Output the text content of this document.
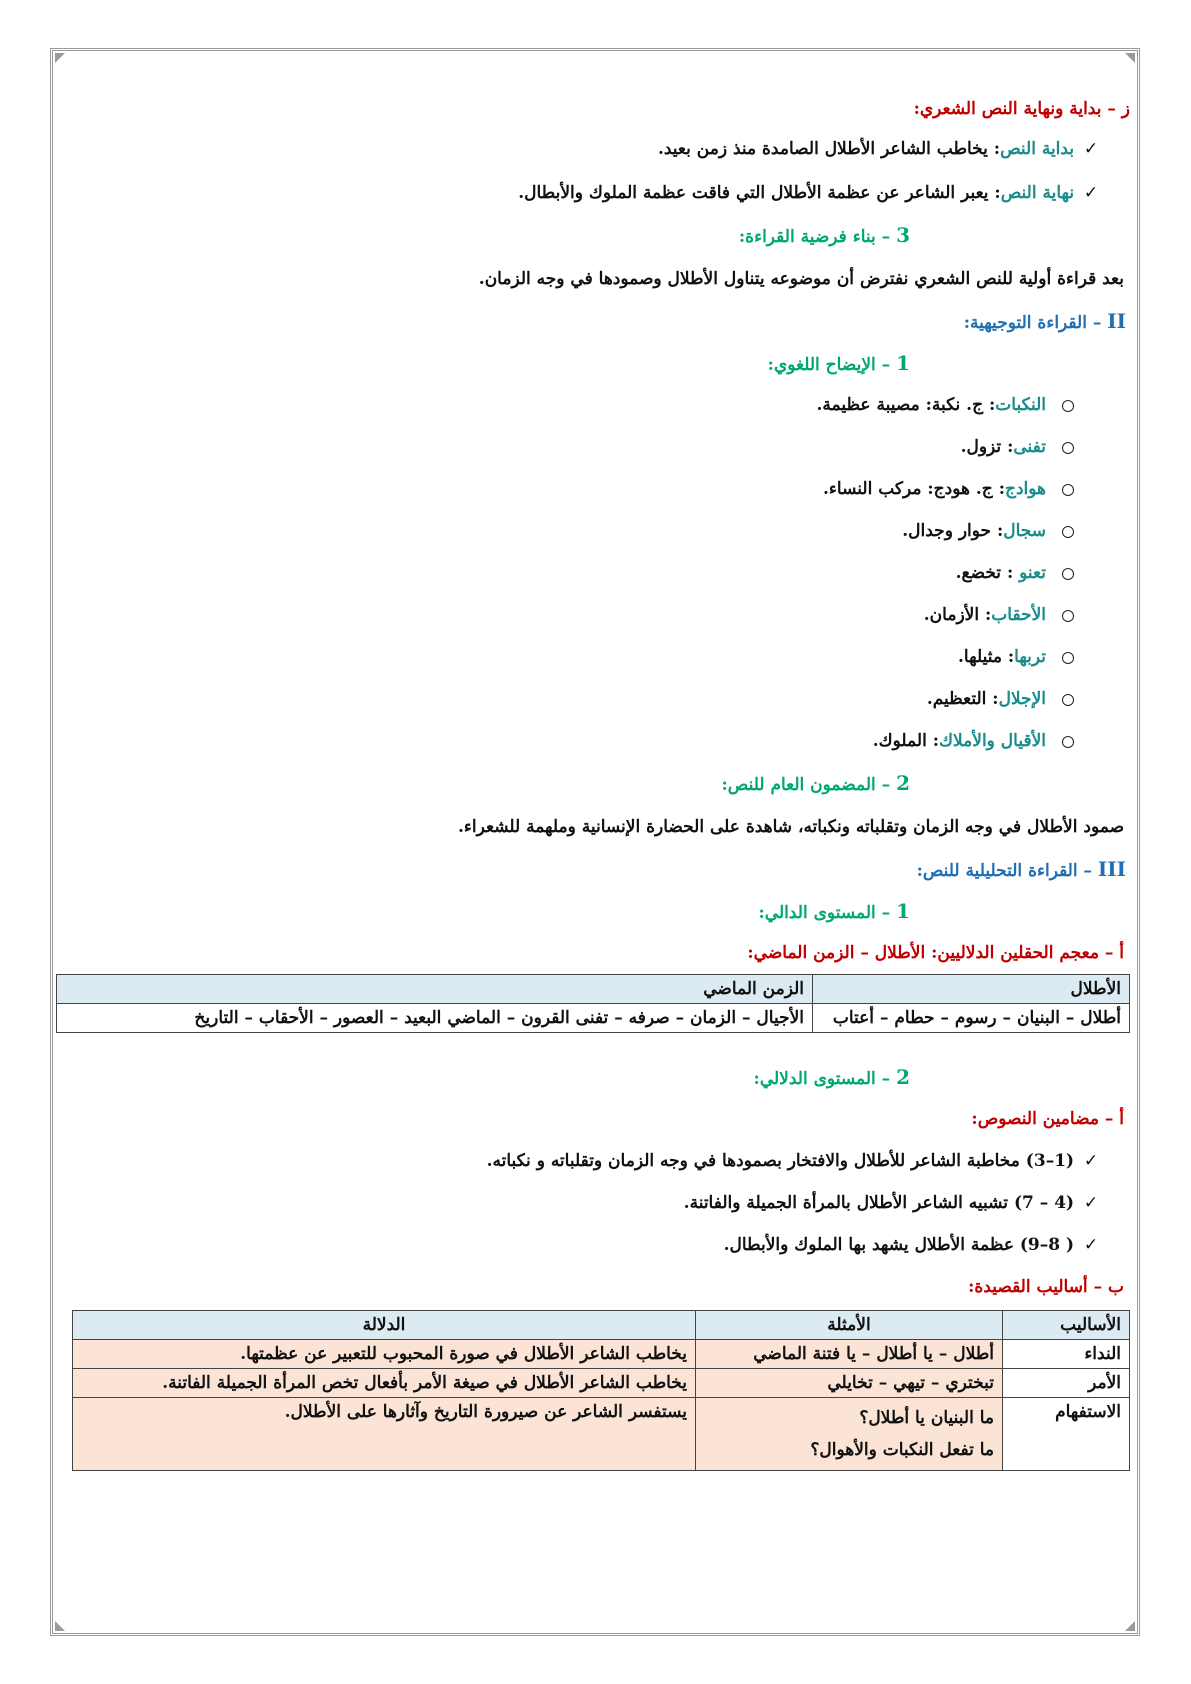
ز – بداية ونهاية النص الشعري:
✓ بداية النص: يخاطب الشاعر الأطلال الصامدة منذ زمن بعيد.
✓ نهاية النص: يعبر الشاعر عن عظمة الأطلال التي فاقت عظمة الملوك والأبطال.
3 – بناء فرضية القراءة:
بعد قراءة أولية للنص الشعري نفترض أن موضوعه يتناول الأطلال وصمودها في وجه الزمان.
II – القراءة التوجيهية:
1 – الإيضاح اللغوي:
النكبات: ج. نكبة: مصيبة عظيمة.
تفنى: تزول.
هوادج: ج. هودج: مركب النساء.
سجال: حوار وجدال.
تعنو : تخضع.
الأحقاب: الأزمان.
تربها: مثيلها.
الإجلال: التعظيم.
الأقيال والأملاك: الملوك.
2 – المضمون العام للنص:
صمود الأطلال في وجه الزمان وتقلباته ونكباته، شاهدة على الحضارة الإنسانية وملهمة للشعراء.
III – القراءة التحليلية للنص:
1 – المستوى الدالي:
أ – معجم الحقلين الدلاليين: الأطلال – الزمن الماضي:
الأطلال	الزمن الماضي
أطلال – البنيان – رسوم – حطام – أعتاب	الأجيال – الزمان – صرفه – تفنى القرون – الماضي البعيد – العصور – الأحقاب – التاريخ
2 – المستوى الدلالي:
أ – مضامين النصوص:
✓ (1–3) مخاطبة الشاعر للأطلال والافتخار بصمودها في وجه الزمان وتقلباته و نكباته.
✓ (4 – 7) تشبيه الشاعر الأطلال بالمرأة الجميلة والفاتنة.
✓ ( 8–9) عظمة الأطلال يشهد بها الملوك والأبطال.
ب – أساليب القصيدة:
الأساليب	الأمثلة	الدلالة
النداء	أطلال – يا أطلال – يا فتنة الماضي	يخاطب الشاعر الأطلال في صورة المحبوب للتعبير عن عظمتها.
الأمر	تبختري – تيهي – تخايلي	يخاطب الشاعر الأطلال في صيغة الأمر بأفعال تخص المرأة الجميلة الفاتنة.
الاستفهام	ما البنيان يا أطلال؟
ما تفعل النكبات والأهوال؟	يستفسر الشاعر عن صيرورة التاريخ وآثارها على الأطلال.
